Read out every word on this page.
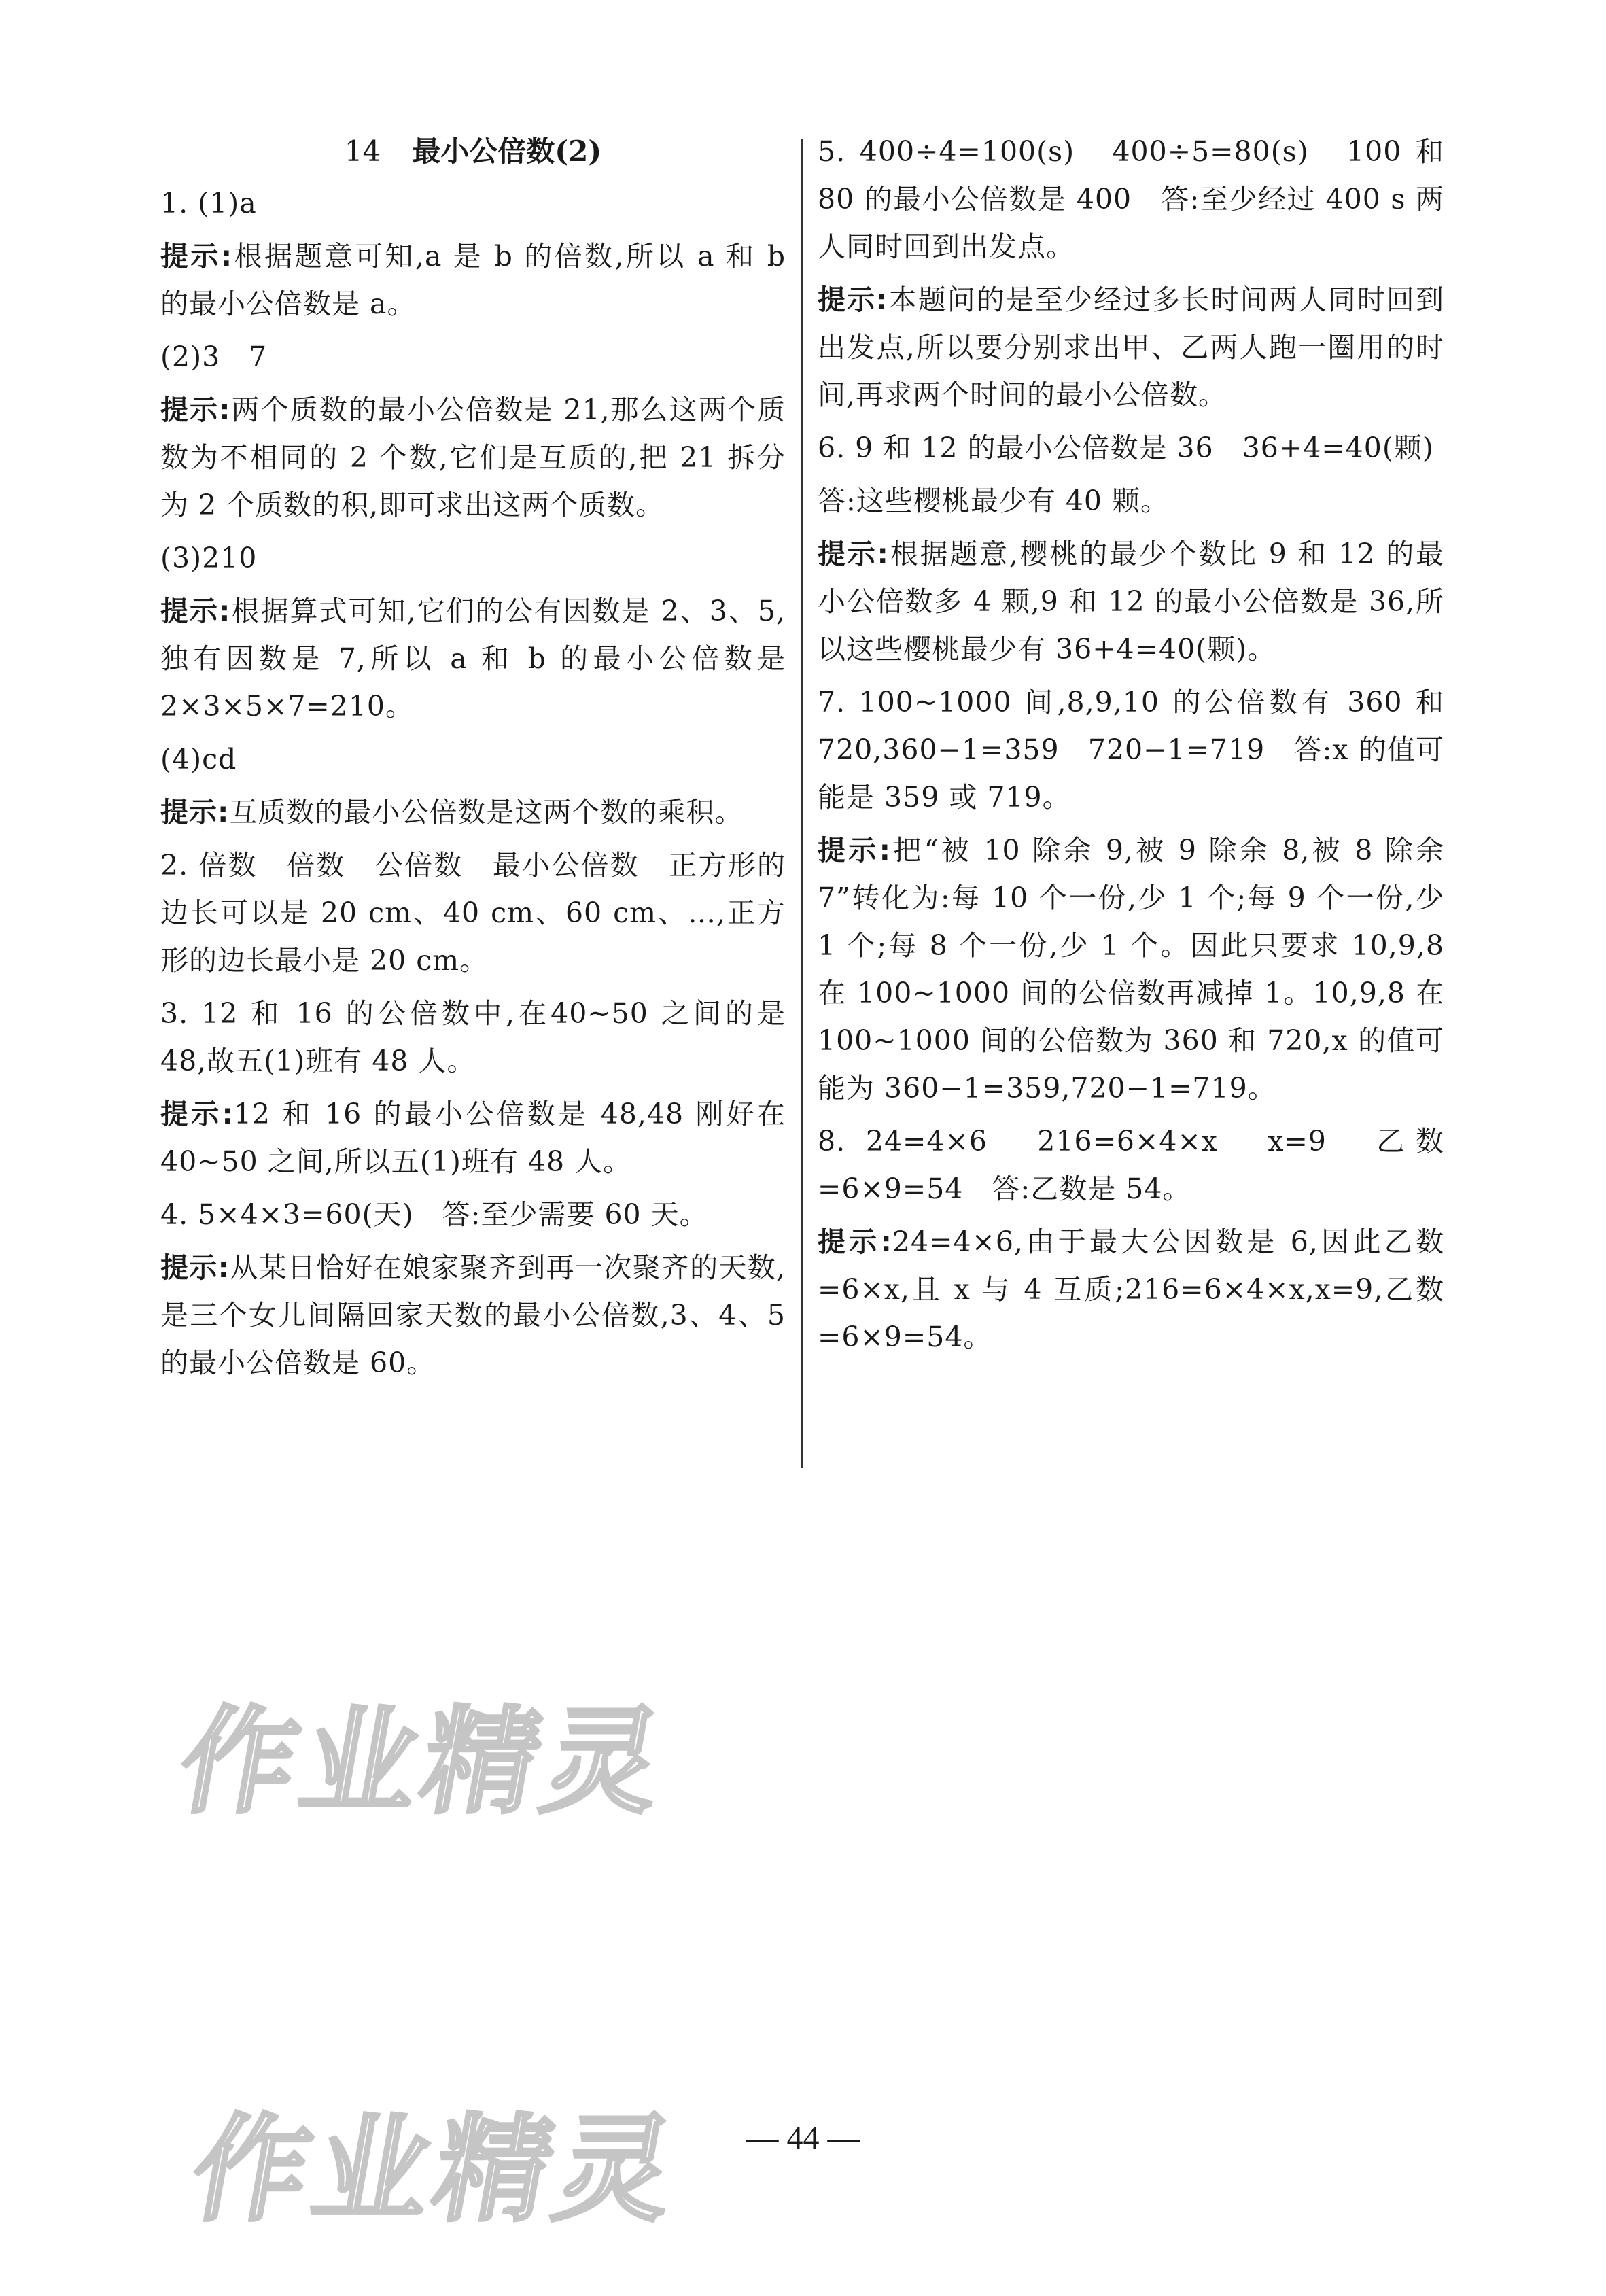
14 最小公倍数(2)
1. (1)a
提示:根据题意可知,a 是 b 的倍数,所以 a 和 b 的最小公倍数是 a。
(2)3　7
提示:两个质数的最小公倍数是 21,那么这两个质数为不相同的 2 个数,它们是互质的,把 21 拆分为 2 个质数的积,即可求出这两个质数。
(3)210
提示:根据算式可知,它们的公有因数是 2、3、5,独有因数是 7,所以 a 和 b 的最小公倍数是 2×3×5×7=210。
(4)cd
提示:互质数的最小公倍数是这两个数的乘积。
2. 倍数　倍数　公倍数　最小公倍数　正方形的边长可以是 20 cm、40 cm、60 cm、…,正方形的边长最小是 20 cm。
3. 12 和 16 的公倍数中,在40~50 之间的是 48,故五(1)班有 48 人。
提示:12 和 16 的最小公倍数是 48,48 刚好在 40~50 之间,所以五(1)班有 48 人。
4. 5×4×3=60(天)　答:至少需要 60 天。
提示:从某日恰好在娘家聚齐到再一次聚齐的天数,是三个女儿间隔回家天数的最小公倍数,3、4、5 的最小公倍数是 60。
5. 400÷4=100(s)　400÷5=80(s)　100 和 80 的最小公倍数是 400　答:至少经过 400 s 两人同时回到出发点。
提示:本题问的是至少经过多长时间两人同时回到出发点,所以要分别求出甲、乙两人跑一圈用的时间,再求两个时间的最小公倍数。
6. 9 和 12 的最小公倍数是 36　36+4=40(颗)
答:这些樱桃最少有 40 颗。
提示:根据题意,樱桃的最少个数比 9 和 12 的最小公倍数多 4 颗,9 和 12 的最小公倍数是 36,所以这些樱桃最少有 36+4=40(颗)。
7. 100~1000 间,8,9,10 的公倍数有 360 和 720,360−1=359　720−1=719　答:x 的值可能是 359 或 719。
提示:把“被 10 除余 9,被 9 除余 8,被 8 除余 7”转化为:每 10 个一份,少 1 个;每 9 个一份,少 1 个;每 8 个一份,少 1 个。因此只要求 10,9,8 在 100~1000 间的公倍数再减掉 1。10,9,8 在 100~1000 间的公倍数为 360 和 720,x 的值可能为 360−1=359,720−1=719。
8. 24=4×6　216=6×4×x　x=9　乙数=6×9=54　答:乙数是 54。
提示:24=4×6,由于最大公因数是 6,因此乙数=6×x,且 x 与 4 互质;216=6×4×x,x=9,乙数=6×9=54。
作业精灵
作业精灵	— 44 —
